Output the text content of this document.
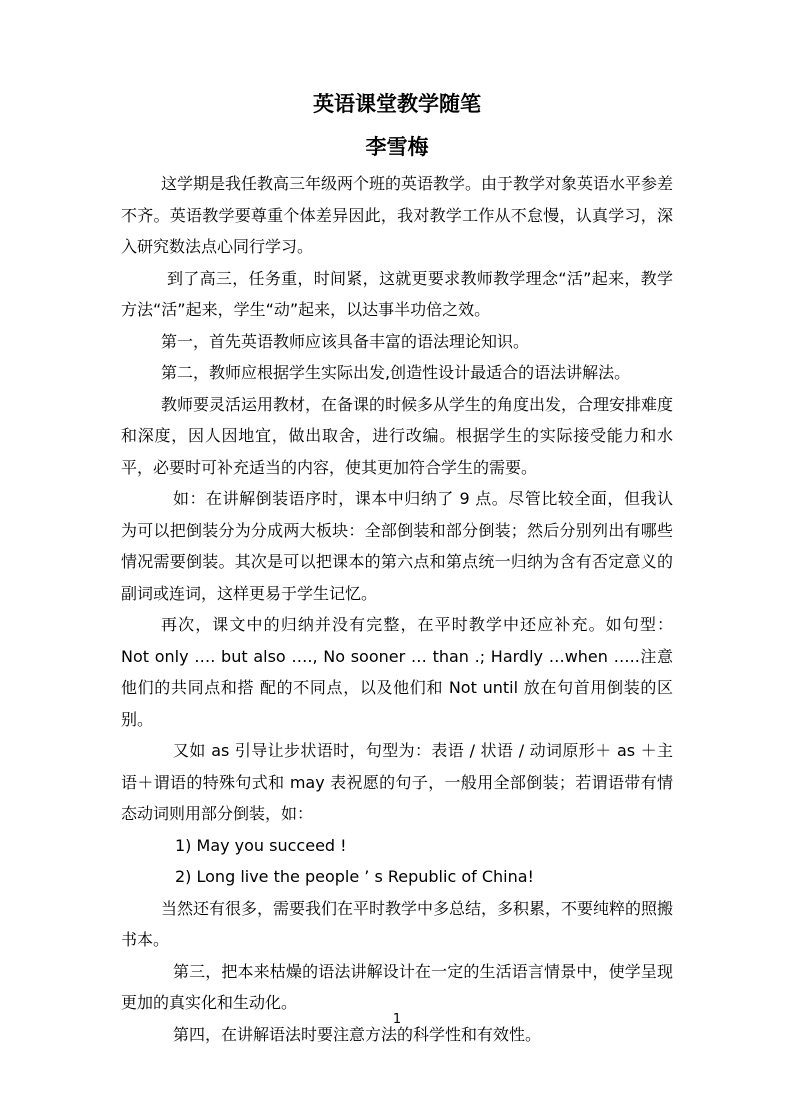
英语课堂教学随笔
李雪梅

这学期是我任教高三年级两个班的英语教学。由于教学对象英语水平参差不齐。英语教学要尊重个体差异因此，我对教学工作从不怠慢，认真学习，深入研究数法点心同行学习。

到了高三，任务重，时间紧，这就更要求教师教学理念“活”起来，教学方法“活”起来，学生“动”起来，以达事半功倍之效。

第一，首先英语教师应该具备丰富的语法理论知识。

第二，教师应根据学生实际出发,创造性设计最适合的语法讲解法。

教师要灵活运用教材，在备课的时候多从学生的角度出发，合理安排难度和深度，因人因地宜，做出取舍，进行改编。根据学生的实际接受能力和水平，必要时可补充适当的内容，使其更加符合学生的需要。

如：在讲解倒装语序时，课本中归纳了 9 点。尽管比较全面，但我认为可以把倒装分为分成两大板块：全部倒装和部分倒装；然后分别列出有哪些情况需要倒装。其次是可以把课本的第六点和第点统一归纳为含有否定意义的副词或连词，这样更易于学生记忆。

再次，课文中的归纳并没有完整，在平时教学中还应补充。如句型： Not only …. but also …., No sooner … than .; Hardly …when …..注意他们的共同点和搭 配的不同点，以及他们和 Not until 放在句首用倒装的区别。

又如 as 引导让步状语时，句型为：表语 / 状语 / 动词原形＋ as ＋主语＋谓语的特殊句式和 may 表祝愿的句子，一般用全部倒装；若谓语带有情态动词则用部分倒装，如：

1) May you succeed !

2) Long live the people ’ s Republic of China!

当然还有很多，需要我们在平时教学中多总结，多积累，不要纯粹的照搬书本。

第三，把本来枯燥的语法讲解设计在一定的生活语言情景中，使学呈现更加的真实化和生动化。

第四，在讲解语法时要注意方法的科学性和有效性。

1
